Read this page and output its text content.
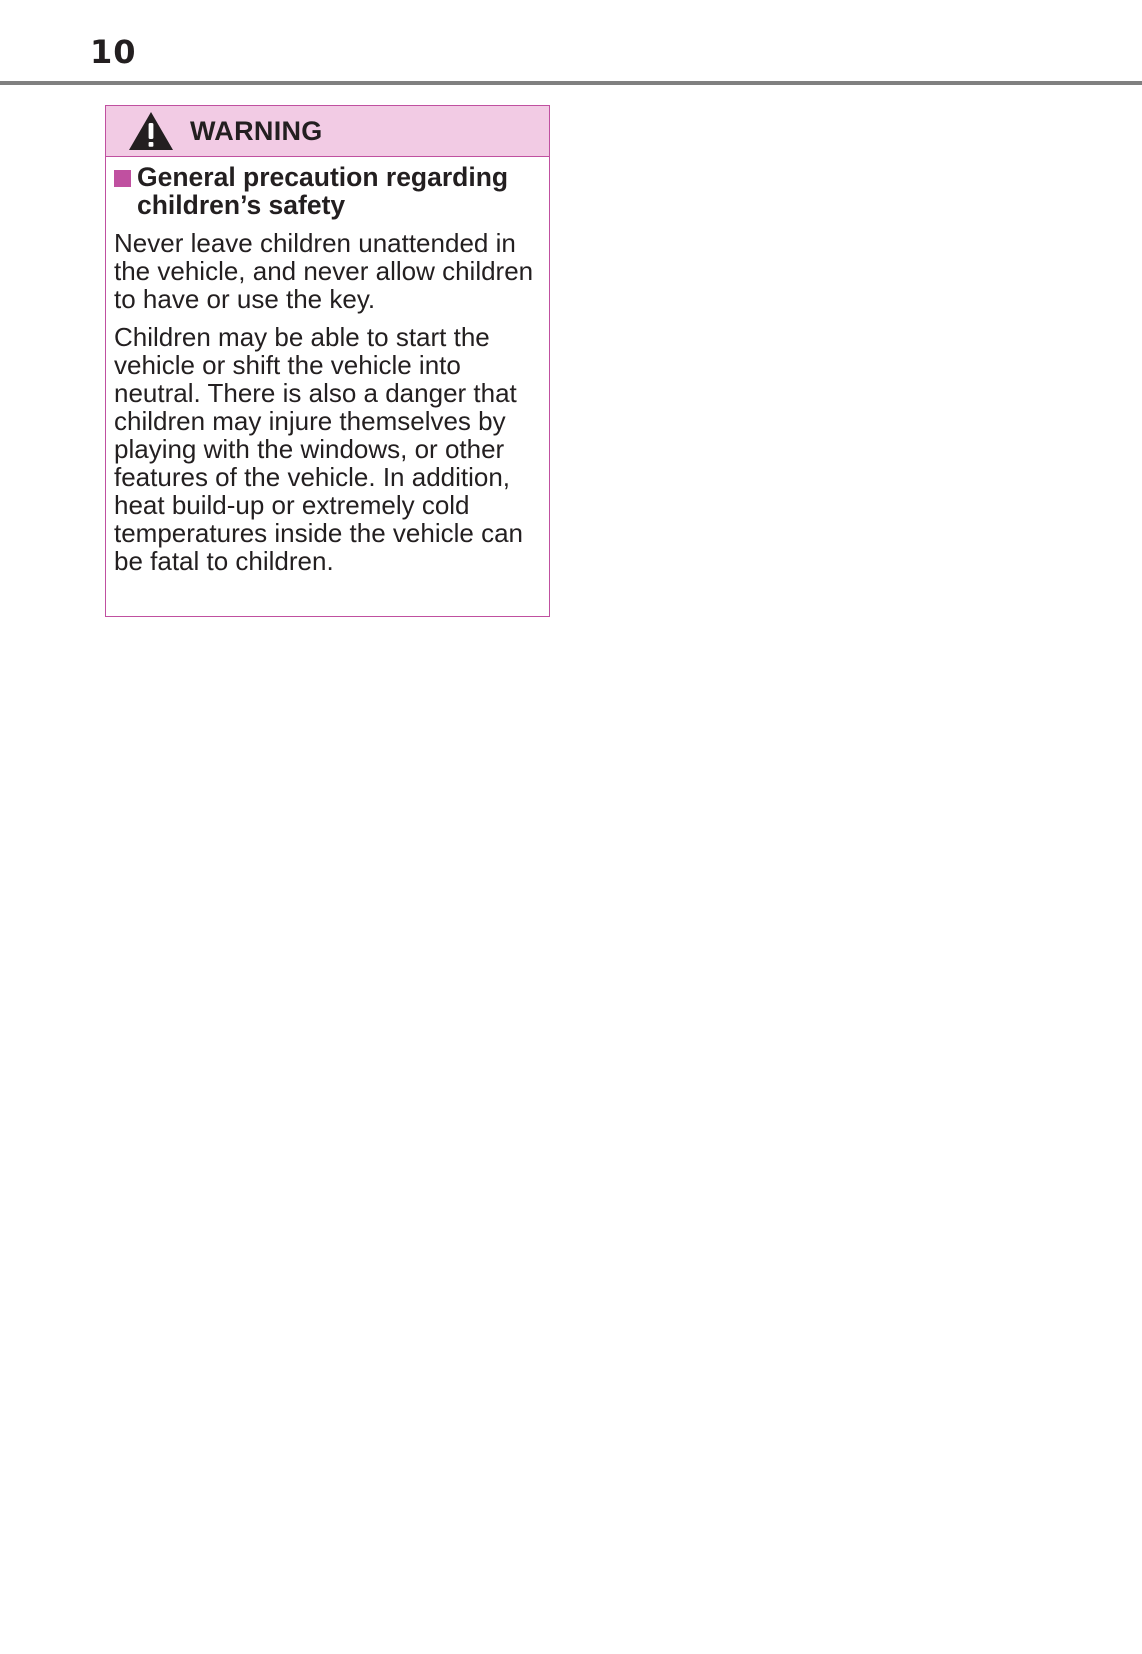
10
WARNING
General precaution regarding
children’s safety

Never leave children unattended in the vehicle, and never allow children to have or use the key.

Children may be able to start the vehicle or shift the vehicle into neutral. There is also a danger that children may injure themselves by playing with the windows, or other features of the vehicle. In addition, heat build-up or extremely cold temperatures inside the vehicle can be fatal to children.
